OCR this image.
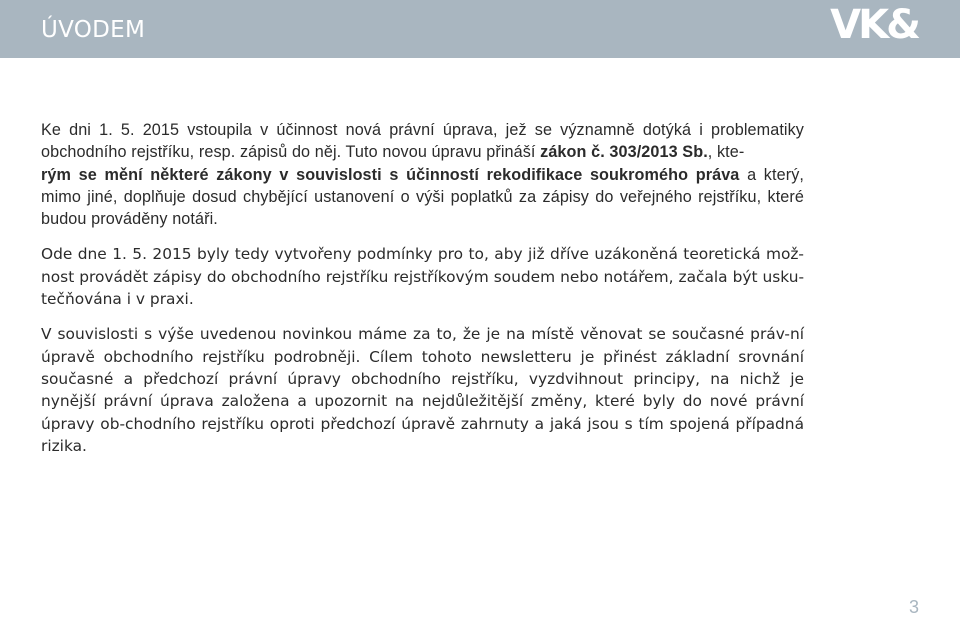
ÚVODEM	VK&

Ke dni 1. 5. 2015 vstoupila v účinnost nová právní úprava, jež se významně dotýká i problematiky obchodního rejstříku, resp. zápisů do něj. Tuto novou úpravu přináší zákon č. 303/2013 Sb., kte-
rým se mění některé zákony v souvislosti s účinností rekodifikace soukromého práva a který, mimo jiné, doplňuje dosud chybějící ustanovení o výši poplatků za zápisy do veřejného rejstříku, které budou prováděny notáři.

Ode dne 1. 5. 2015 byly tedy vytvořeny podmínky pro to, aby již dříve uzákoněná teoretická mož-nost provádět zápisy do obchodního rejstříku rejstříkovým soudem nebo notářem, začala být usku-tečňována i v praxi.

V souvislosti s výše uvedenou novinkou máme za to, že je na místě věnovat se současné práv-ní úpravě obchodního rejstříku podrobněji. Cílem tohoto newsletteru je přinést základní srovnání současné a předchozí právní úpravy obchodního rejstříku, vyzdvihnout principy, na nichž je nynější právní úprava založena a upozornit na nejdůležitější změny, které byly do nové právní úpravy ob-chodního rejstříku oproti předchozí úpravě zahrnuty a jaká jsou s tím spojená případná rizika.

3
